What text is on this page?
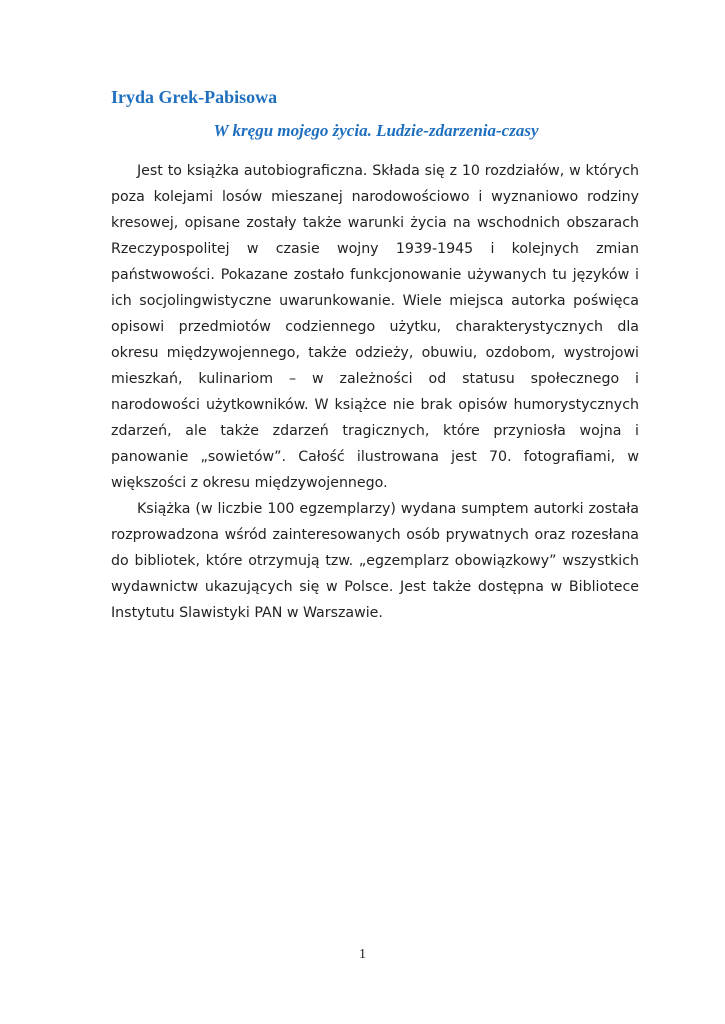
Iryda Grek-Pabisowa
W kręgu mojego życia. Ludzie-zdarzenia-czasy

Jest to książka autobiograficzna. Składa się z 10 rozdziałów, w których poza kolejami losów mieszanej narodowościowo i wyznaniowo rodziny kresowej, opisane zostały także warunki życia na wschodnich obszarach Rzeczypospolitej w czasie wojny 1939-1945 i kolejnych zmian państwowości. Pokazane zostało funkcjonowanie używanych tu języków i ich socjolingwistyczne uwarunkowanie. Wiele miejsca autorka poświęca opisowi przedmiotów codziennego użytku, charakterystycznych dla okresu międzywojennego, także odzieży, obuwiu, ozdobom, wystrojowi mieszkań, kulinariom – w zależności od statusu społecznego i narodowości użytkowników. W książce nie brak opisów humorystycznych zdarzeń, ale także zdarzeń tragicznych, które przyniosła wojna i panowanie „sowietów”. Całość ilustrowana jest 70. fotografiami, w większości z okresu międzywojennego.

Książka (w liczbie 100 egzemplarzy) wydana sumptem autorki została rozprowadzona wśród zainteresowanych osób prywatnych oraz rozesłana do bibliotek, które otrzymują tzw. „egzemplarz obowiązkowy” wszystkich wydawnictw ukazujących się w Polsce. Jest także dostępna w Bibliotece Instytutu Slawistyki PAN w Warszawie.

1
